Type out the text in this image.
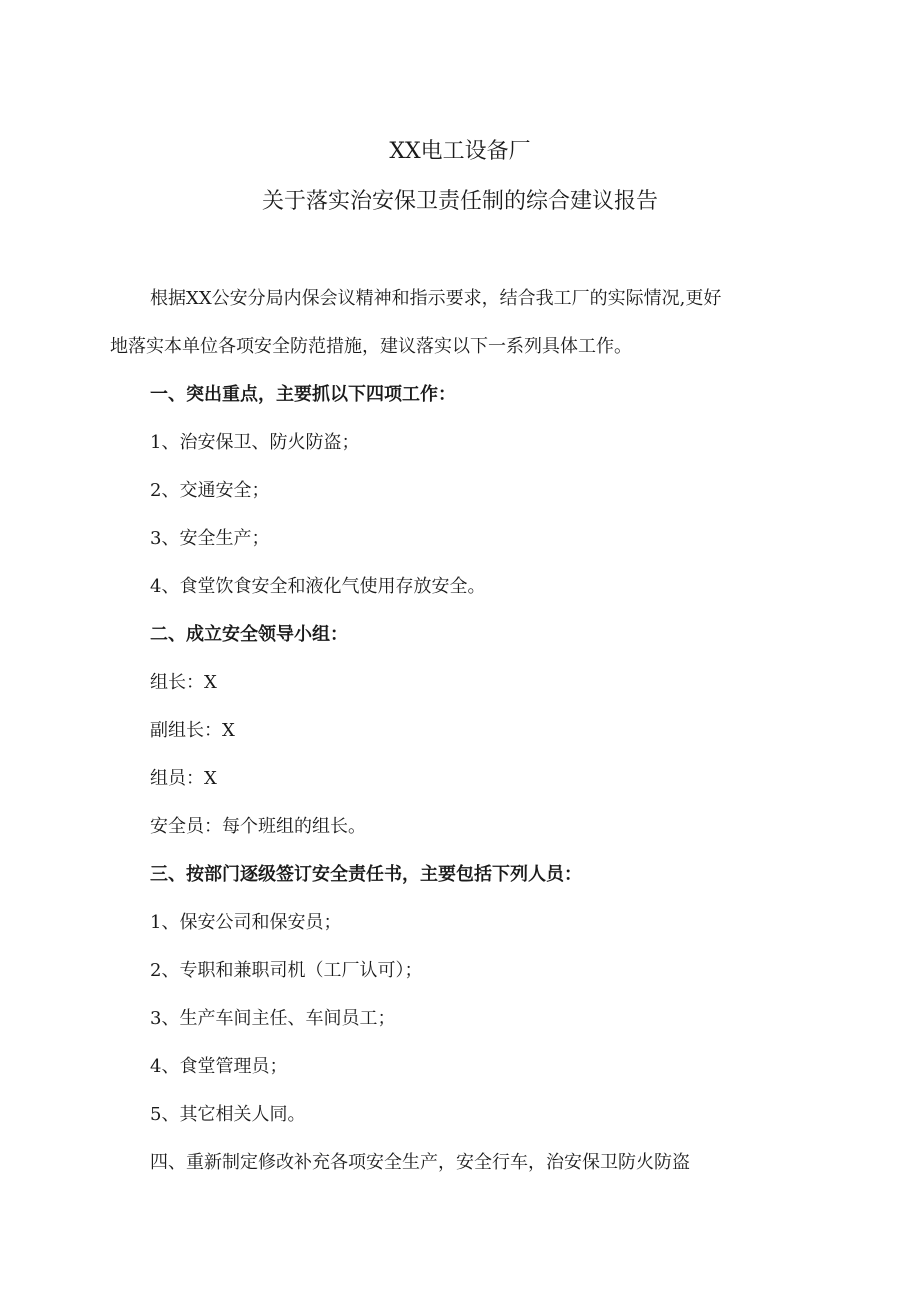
XX电工设备厂
关于落实治安保卫责任制的综合建议报告
根据XX公安分局内保会议精神和指示要求，结合我工厂的实际情况,更好
地落实本单位各项安全防范措施，建议落实以下一系列具体工作。
一、突出重点，主要抓以下四项工作：
1、治安保卫、防火防盗；
2、交通安全；
3、安全生产；
4、食堂饮食安全和液化气使用存放安全。
二、成立安全领导小组：
组长：X
副组长：X
组员：X
安全员：每个班组的组长。
三、按部门逐级签订安全责任书，主要包括下列人员：
1、保安公司和保安员；
2、专职和兼职司机（工厂认可）；
3、生产车间主任、车间员工；
4、食堂管理员；
5、其它相关人同。
四、重新制定修改补充各项安全生产，安全行车，治安保卫防火防盗
